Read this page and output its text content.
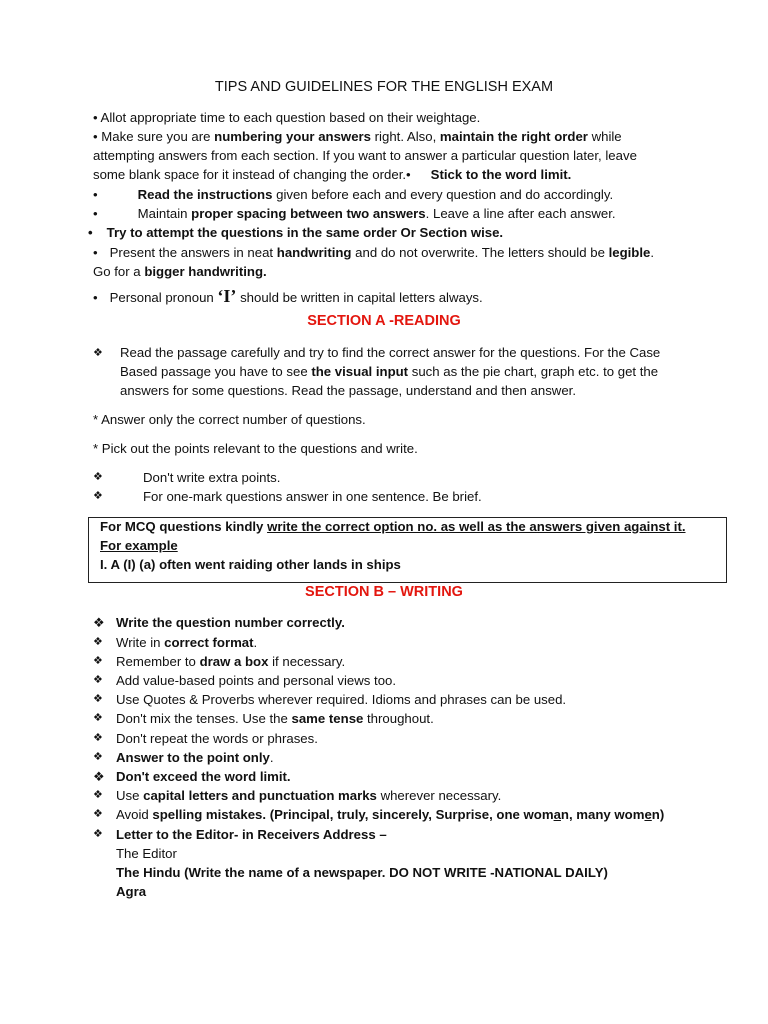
TIPS AND GUIDELINES FOR THE ENGLISH EXAM
• Allot appropriate time to each question based on their weightage.
• Make sure you are numbering your answers right. Also, maintain the right order while
attempting answers from each section. If you want to answer a particular question later, leave
some blank space for it instead of changing the order.• Stick to the word limit.
•	Read the instructions given before each and every question and do accordingly.
•	Maintain proper spacing between two answers. Leave a line after each answer.
• Try to attempt the questions in the same order Or Section wise.
• Present the answers in neat handwriting and do not overwrite. The letters should be legible.
Go for a bigger handwriting.
• Personal pronoun ‘I’ should be written in capital letters always.
SECTION A -READING
❖ Read the passage carefully and try to find the correct answer for the questions. For the Case
Based passage you have to see the visual input such as the pie chart, graph etc. to get the
answers for some questions. Read the passage, understand and then answer.
* Answer only the correct number of questions.
* Pick out the points relevant to the questions and write.
❖	Don't write extra points.
❖	For one-mark questions answer in one sentence. Be brief.
For MCQ questions kindly write the correct option no. as well as the answers given against it.
For example
I. A (I) (a) often went raiding other lands in ships
SECTION B – WRITING
❖ Write the question number correctly.
❖ Write in correct format.
❖ Remember to draw a box if necessary.
❖ Add value-based points and personal views too.
❖ Use Quotes & Proverbs wherever required. Idioms and phrases can be used.
❖ Don't mix the tenses. Use the same tense throughout.
❖ Don't repeat the words or phrases.
❖ Answer to the point only.
❖ Don't exceed the word limit.
❖ Use capital letters and punctuation marks wherever necessary.
❖ Avoid spelling mistakes. (Principal, truly, sincerely, Surprise, one woman, many women)
❖ Letter to the Editor- in Receivers Address –
The Editor
The Hindu (Write the name of a newspaper. DO NOT WRITE -NATIONAL DAILY)
Agra
